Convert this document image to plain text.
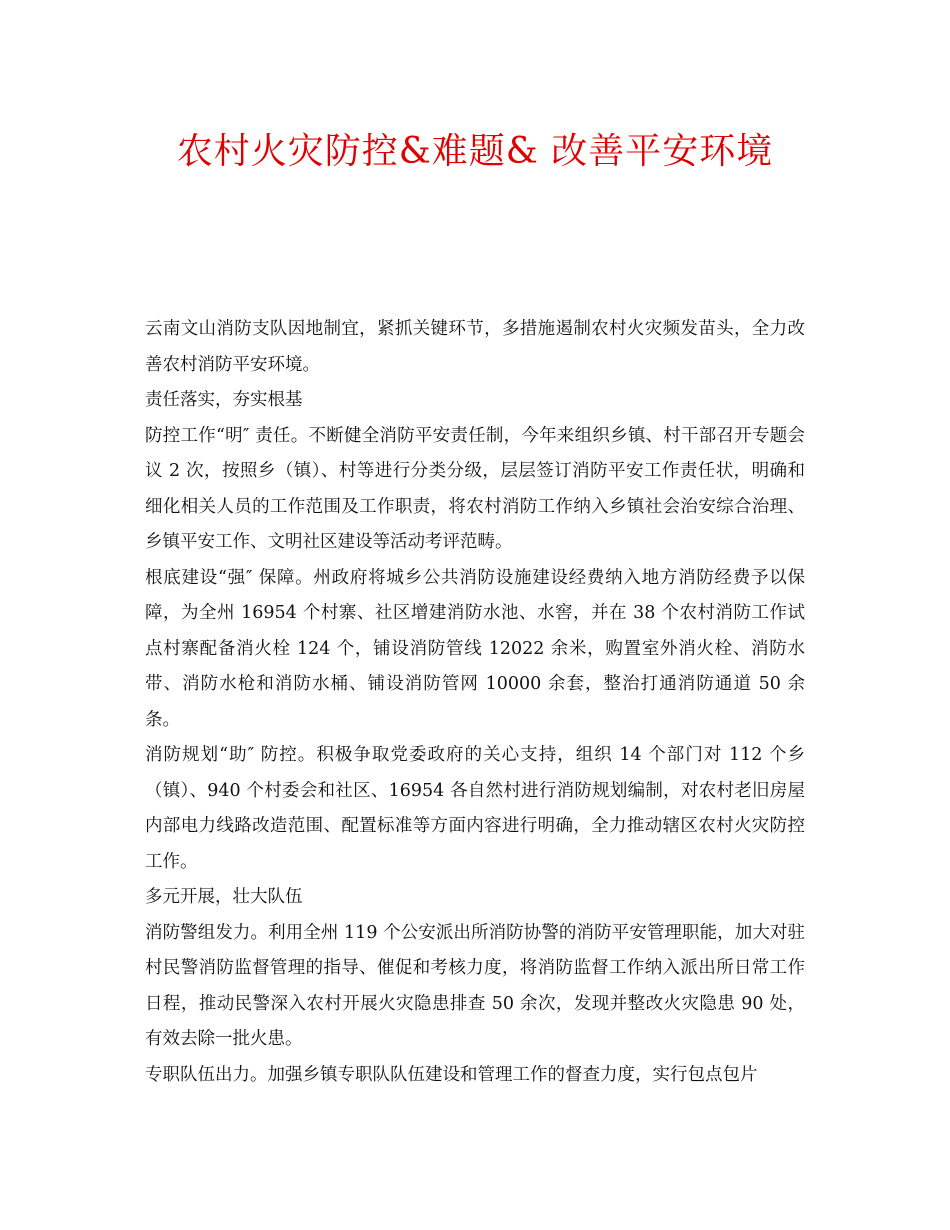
农村火灾防控&难题& 改善平安环境

云南文山消防支队因地制宜，紧抓关键环节，多措施遏制农村火灾频发苗头，全力改善农村消防平安环境。

责任落实，夯实根基

防控工作“明″ 责任。不断健全消防平安责任制，今年来组织乡镇、村干部召开专题会议 2 次，按照乡（镇）、村等进行分类分级，层层签订消防平安工作责任状，明确和细化相关人员的工作范围及工作职责，将农村消防工作纳入乡镇社会治安综合治理、乡镇平安工作、文明社区建设等活动考评范畴。

根底建设“强″ 保障。州政府将城乡公共消防设施建设经费纳入地方消防经费予以保障，为全州 16954 个村寨、社区增建消防水池、水窖，并在 38 个农村消防工作试点村寨配备消火栓 124 个，铺设消防管线 12022 余米，购置室外消火栓、消防水带、消防水枪和消防水桶、铺设消防管网 10000 余套，整治打通消防通道 50 余条。

消防规划“助″ 防控。积极争取党委政府的关心支持，组织 14 个部门对 112 个乡（镇）、940 个村委会和社区、16954 各自然村进行消防规划编制，对农村老旧房屋内部电力线路改造范围、配置标准等方面内容进行明确，全力推动辖区农村火灾防控工作。

多元开展，壮大队伍

消防警组发力。利用全州 119 个公安派出所消防协警的消防平安管理职能，加大对驻村民警消防监督管理的指导、催促和考核力度，将消防监督工作纳入派出所日常工作日程，推动民警深入农村开展火灾隐患排查 50 余次，发现并整改火灾隐患 90 处，有效去除一批火患。

专职队伍出力。加强乡镇专职队队伍建设和管理工作的督查力度，实行包点包片
